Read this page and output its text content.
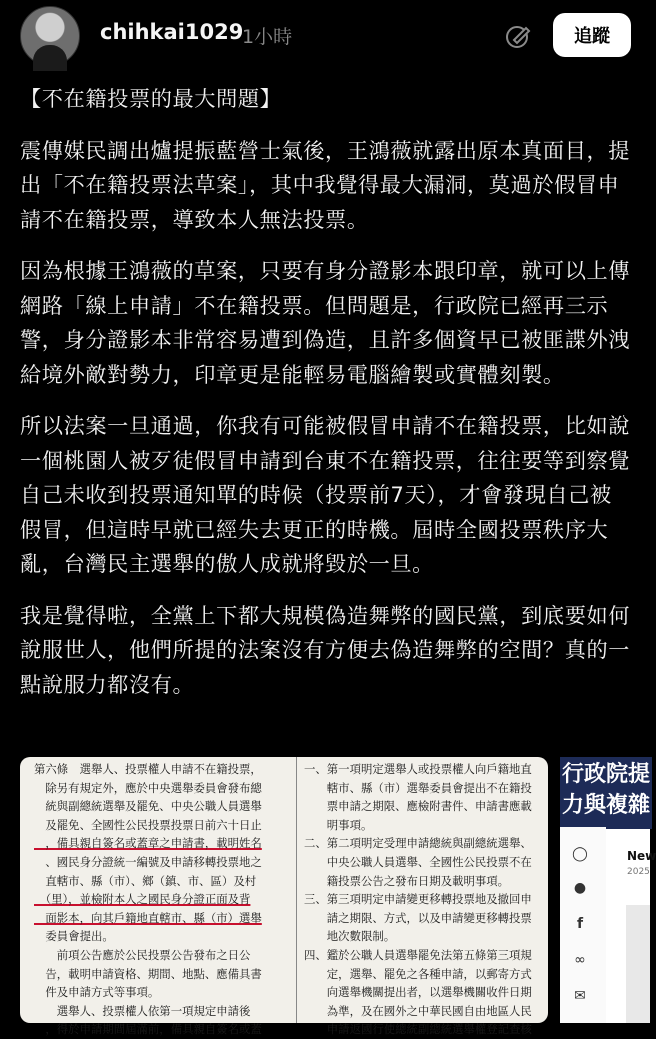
chihkai1029
1小時	追蹤

【不在籍投票的最大問題】

震傳媒民調出爐提振藍營士氣後，王鴻薇就露出原本真面目，提出「不在籍投票法草案」，其中我覺得最大漏洞，莫過於假冒申請不在籍投票，導致本人無法投票。

因為根據王鴻薇的草案，只要有身分證影本跟印章，就可以上傳網路「線上申請」不在籍投票。但問題是，行政院已經再三示警，身分證影本非常容易遭到偽造，且許多個資早已被匪諜外洩給境外敵對勢力，印章更是能輕易電腦繪製或實體刻製。

所以法案一旦通過，你我有可能被假冒申請不在籍投票，比如說一個桃園人被歹徒假冒申請到台東不在籍投票，往往要等到察覺自己未收到投票通知單的時候（投票前7天），才會發現自己被假冒，但這時早就已經失去更正的時機。屆時全國投票秩序大亂，台灣民主選舉的傲人成就將毀於一旦。

我是覺得啦，全黨上下都大規模偽造舞弊的國民黨，到底要如何說服世人，他們所提的法案沒有方便去偽造舞弊的空間？真的一點說服力都沒有。

第六條　選舉人、投票權人申請不在籍投票，
　除另有規定外，應於中央選舉委員會發布總
　統與副總統選舉及罷免、中央公職人員選舉
　及罷免、全國性公民投票投票日前六十日止
　，備具親自簽名或蓋章之申請書，載明姓名
　、國民身分證統一編號及申請移轉投票地之
　直轄市、縣（市）、鄉（鎮、市、區）及村
　（里），並檢附本人之國民身分證正面及背
　面影本，向其戶籍地直轄市、縣（市）選舉
　委員會提出。
　　前項公告應於公民投票公告發布之日公
　告，載明申請資格、期間、地點、應備具書
　件及申請方式等事項。
　　選舉人、投票權人依第一項規定申請後
　，得於申請期間屆滿前，備具親自簽名或蓋
一、第一項明定選舉人或投票權人向戶籍地直
　　轄市、縣（市）選舉委員會提出不在籍投
　　票申請之期限、應檢附書件、申請書應載
　　明事項。
二、第二項明定受理申請總統與副總統選舉、
　　中央公職人員選舉、全國性公民投票不在
　　籍投票公告之發布日期及載明事項。
三、第三項明定申請變更移轉投票地及撤回申
　　請之期限、方式，以及申請變更移轉投票
　　地次數限制。
四、鑑於公職人員選舉罷免法第五條第三項規
　　定，選舉、罷免之各種申請，以郵寄方式
　　向選舉機關提出者，以選舉機關收件日期
　　為準，及在國外之中華民國自由地區人民
　　申請返國行使總統副總統選舉權登記查核
行政院提
力與複雜
◯
●
f
∞
✉
New
2025
